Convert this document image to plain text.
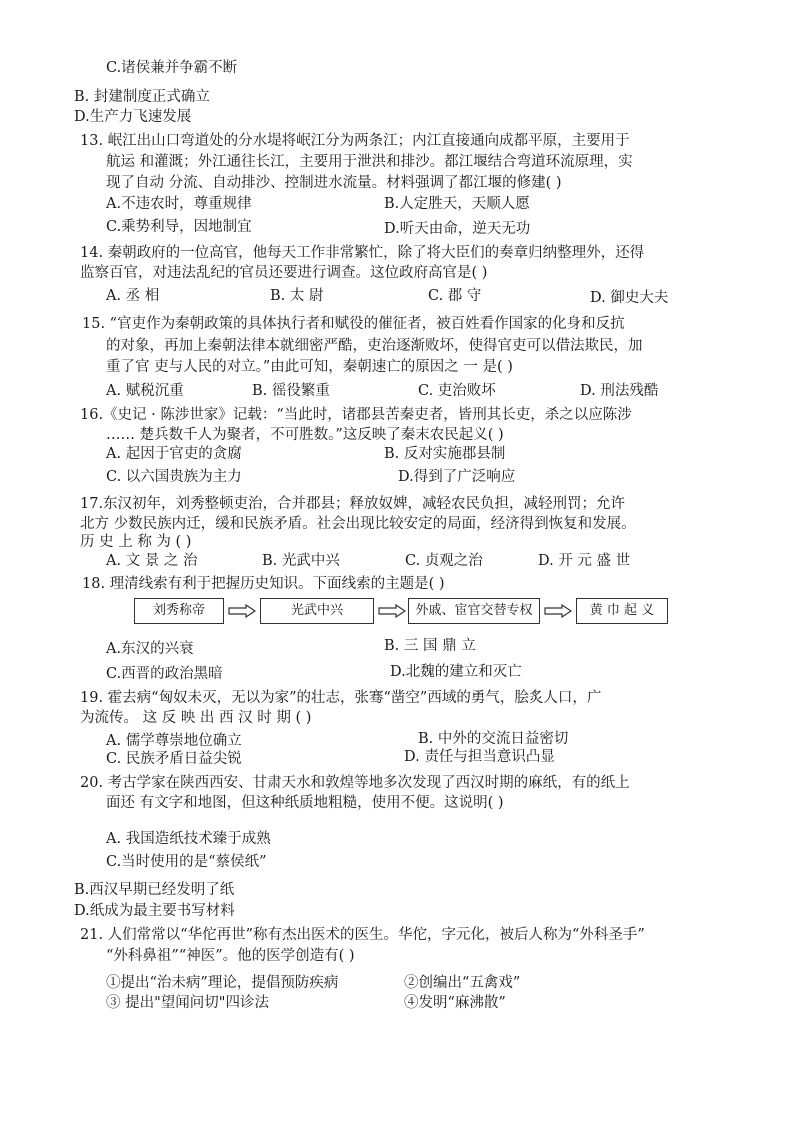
C.诸侯兼并争霸不断
B. 封建制度正式确立
D.生产力飞速发展
13. 岷江出山口弯道处的分水堤将岷江分为两条江；内江直接通向成都平原，主要用于
航运 和灌溉；外江通往长江，主要用于泄洪和排沙。都江堰结合弯道环流原理，实
现了自动 分流、自动排沙、控制进水流量。材料强调了都江堰的修建( )
A.不违农时，尊重规律	B.人定胜天，天顺人愿
C.乘势利导，因地制宜	D.听天由命，逆天无功
14. 秦朝政府的一位高官，他每天工作非常繁忙，除了将大臣们的奏章归纳整理外，还得
监察百官，对违法乱纪的官员还要进行调查。这位政府高官是( )
A. 丞 相	B. 太 尉	C. 郡 守	D. 御史大夫
15. “官吏作为秦朝政策的具体执行者和赋役的催征者，被百姓看作国家的化身和反抗
的对象，再加上秦朝法律本就细密严酷，吏治逐渐败坏，使得官吏可以借法欺民，加
重了官 吏与人民的对立。”由此可知，秦朝速亡的原因之 一 是( )
A. 赋税沉重	B. 徭役繁重	C. 吏治败坏	D. 刑法残酷
16.《史记 · 陈涉世家》记载：“当此时，诸郡县苦秦吏者，皆刑其长吏，杀之以应陈涉
…… 楚兵数千人为聚者，不可胜数。”这反映了秦末农民起义( )
A. 起因于官吏的贪腐	B. 反对实施郡县制
C. 以六国贵族为主力	D.得到了广泛响应
17.东汉初年，刘秀整顿吏治，合并郡县；释放奴婢，减轻农民负担，减轻刑罚；允许
北方 少数民族内迁，缓和民族矛盾。社会出现比较安定的局面，经济得到恢复和发展。
历 史 上 称 为 ( )
A. 文 景 之 治	B. 光武中兴	C. 贞观之治	D. 开 元 盛 世
18. 理清线索有利于把握历史知识。下面线索的主题是( )
刘秀称帝	光武中兴	外戚、宦官交替专权	黄 巾 起 义
A.东汉的兴衰	B. 三 国 鼎 立
C.西晋的政治黑暗	D.北魏的建立和灭亡
19. 霍去病“匈奴未灭，无以为家”的壮志，张骞“凿空”西域的勇气，脍炙人口，广
为流传。 这 反 映 出 西 汉 时 期 ( )
A. 儒学尊崇地位确立	B. 中外的交流日益密切
C. 民族矛盾日益尖锐	D. 责任与担当意识凸显
20. 考古学家在陕西西安、甘肃天水和敦煌等地多次发现了西汉时期的麻纸，有的纸上
面还 有文字和地图，但这种纸质地粗糙，使用不便。这说明( )
A. 我国造纸技术臻于成熟
C.当时使用的是“蔡侯纸”
B.西汉早期已经发明了纸
D.纸成为最主要书写材料
21. 人们常常以“华佗再世”称有杰出医术的医生。华佗，字元化，被后人称为“外科圣手”
“外科鼻祖”“神医”。他的医学创造有( )
①提出“治未病”理论，提倡预防疾病	②创编出“五禽戏”
③ 提出"望闻问切"四诊法	④发明“麻沸散”
